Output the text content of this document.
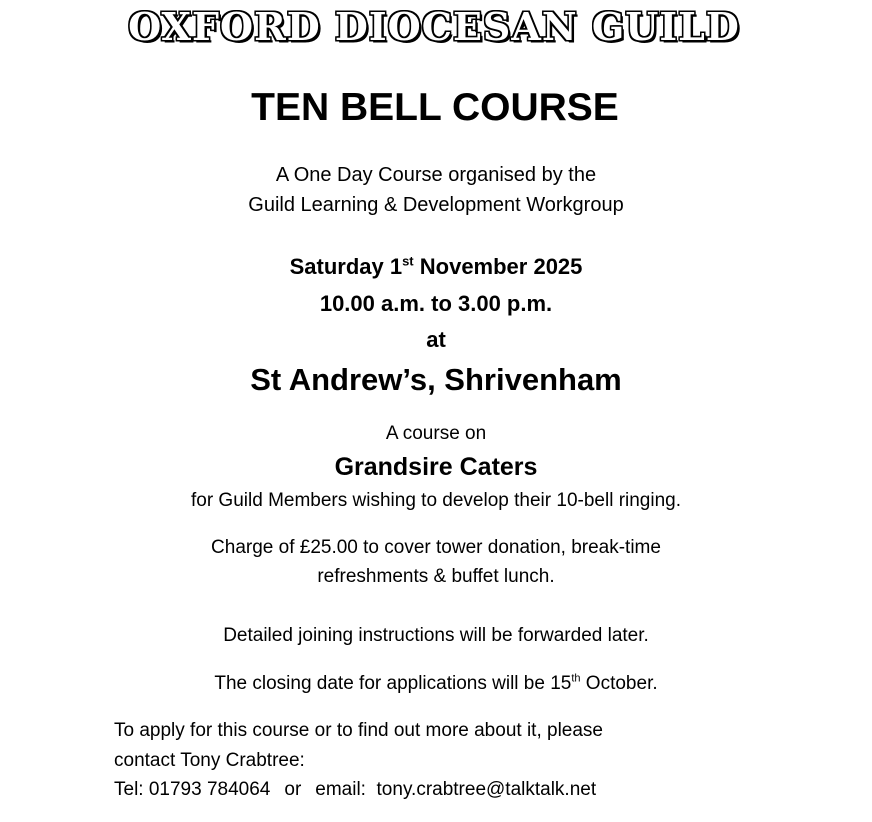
OXFORD DIOCESAN GUILD
TEN BELL COURSE
A One Day Course organised by the
Guild Learning & Development Workgroup
Saturday 1st November 2025
10.00 a.m. to 3.00 p.m.
at
St Andrew’s, Shrivenham
A course on
Grandsire Caters
for Guild Members wishing to develop their 10-bell ringing.
Charge of £25.00 to cover tower donation, break-time
refreshments & buffet lunch.
Detailed joining instructions will be forwarded later.
The closing date for applications will be 15th October.
To apply for this course or to find out more about it, please
contact Tony Crabtree:
Tel: 01793 784064 or email: tony.crabtree@talktalk.net
